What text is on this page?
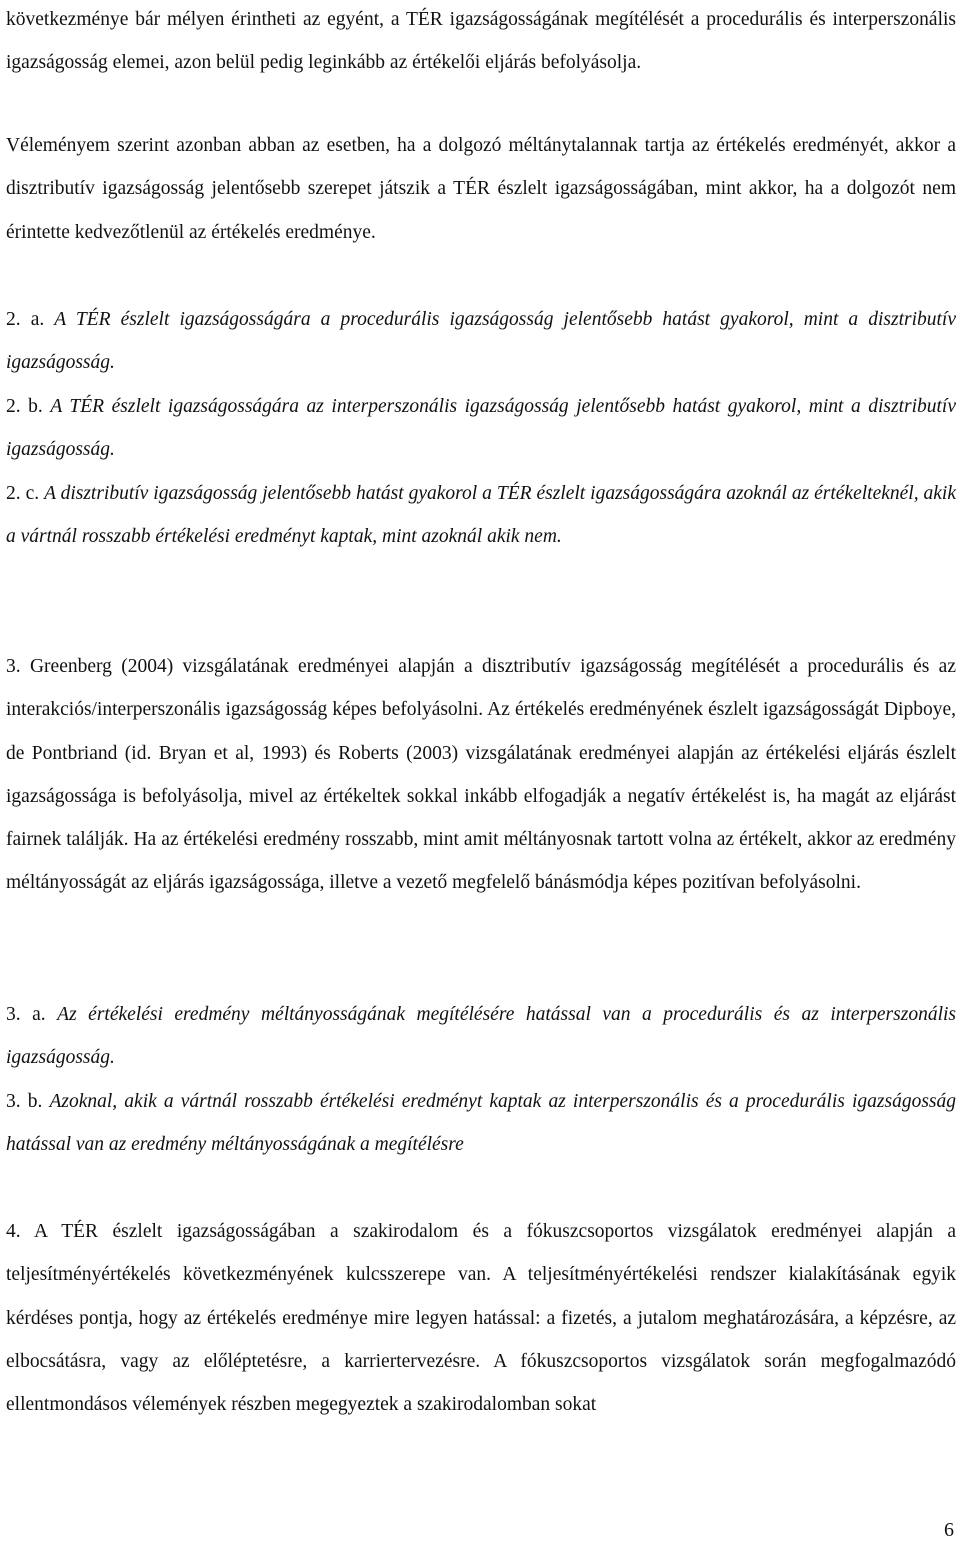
következménye bár mélyen érintheti az egyént, a TÉR igazságosságának megítélését a procedurális és interperszonális igazságosság elemei, azon belül pedig leginkább az értékelői eljárás befolyásolja.

Véleményem szerint azonban abban az esetben, ha a dolgozó méltánytalannak tartja az értékelés eredményét, akkor a disztributív igazságosság jelentősebb szerepet játszik a TÉR észlelt igazságosságában, mint akkor, ha a dolgozót nem érintette kedvezőtlenül az értékelés eredménye.

2. a. A TÉR észlelt igazságosságára a procedurális igazságosság jelentősebb hatást gyakorol, mint a disztributív igazságosság.

2. b. A TÉR észlelt igazságosságára az interperszonális igazságosság jelentősebb hatást gyakorol, mint a disztributív igazságosság.

2. c. A disztributív igazságosság jelentősebb hatást gyakorol a TÉR észlelt igazságosságára azoknál az értékelteknél, akik a vártnál rosszabb értékelési eredményt kaptak, mint azoknál akik nem.

3. Greenberg (2004) vizsgálatának eredményei alapján a disztributív igazságosság megítélését a procedurális és az interakciós/interperszonális igazságosság képes befolyásolni. Az értékelés eredményének észlelt igazságosságát Dipboye, de Pontbriand (id. Bryan et al, 1993) és Roberts (2003) vizsgálatának eredményei alapján az értékelési eljárás észlelt igazságossága is befolyásolja, mivel az értékeltek sokkal inkább elfogadják a negatív értékelést is, ha magát az eljárást fairnek találják. Ha az értékelési eredmény rosszabb, mint amit méltányosnak tartott volna az értékelt, akkor az eredmény méltányosságát az eljárás igazságossága, illetve a vezető megfelelő bánásmódja képes pozitívan befolyásolni.

3. a. Az értékelési eredmény méltányosságának megítélésére hatással van a procedurális és az interperszonális igazságosság.

3. b. Azoknal, akik a vártnál rosszabb értékelési eredményt kaptak az interperszonális és a procedurális igazságosság hatással van az eredmény méltányosságának a megítélésre

4. A TÉR észlelt igazságosságában a szakirodalom és a fókuszcsoportos vizsgálatok eredményei alapján a teljesítményértékelés következményének kulcsszerepe van. A teljesítményértékelési rendszer kialakításának egyik kérdéses pontja, hogy az értékelés eredménye mire legyen hatással: a fizetés, a jutalom meghatározására, a képzésre, az elbocsátásra, vagy az előléptetésre, a karriertervezésre. A fókuszcsoportos vizsgálatok során megfogalmazódó ellentmondásos vélemények részben megegyeztek a szakirodalomban sokat

6
